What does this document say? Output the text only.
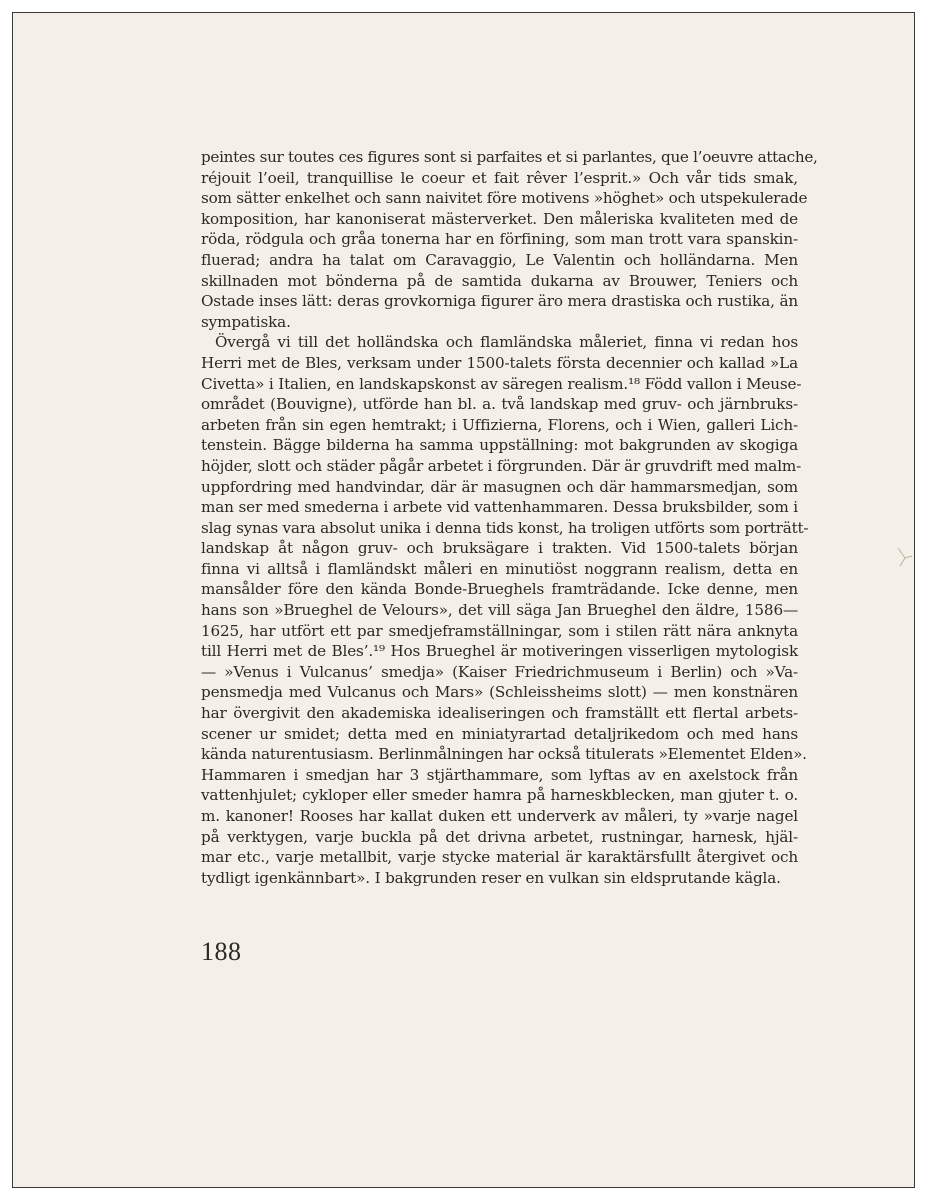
peintes sur toutes ces figures sont si parfaites et si parlantes, que l’oeuvre attache,
réjouit l’oeil, tranquillise le coeur et fait rêver l’esprit.» Och vår tids smak,
som sätter enkelhet och sann naivitet före motivens »höghet» och utspekulerade
komposition, har kanoniserat mästerverket. Den måleriska kvaliteten med de
röda, rödgula och gråa tonerna har en förfining, som man trott vara spanskin-
fluerad; andra ha talat om Caravaggio, Le Valentin och holländarna. Men
skillnaden mot bönderna på de samtida dukarna av Brouwer, Teniers och
Ostade inses lätt: deras grovkorniga figurer äro mera drastiska och rustika, än
sympatiska.
Övergå vi till det holländska och flamländska måleriet, finna vi redan hos
Herri met de Bles, verksam under 1500-talets första decennier och kallad »La
Civetta» i Italien, en landskapskonst av säregen realism.¹⁸ Född vallon i Meuse-
området (Bouvigne), utförde han bl. a. två landskap med gruv- och järnbruks-
arbeten från sin egen hemtrakt; i Uffizierna, Florens, och i Wien, galleri Lich-
tenstein. Bägge bilderna ha samma uppställning: mot bakgrunden av skogiga
höjder, slott och städer pågår arbetet i förgrunden. Där är gruvdrift med malm-
uppfordring med handvindar, där är masugnen och där hammarsmedjan, som
man ser med smederna i arbete vid vattenhammaren. Dessa bruksbilder, som i
slag synas vara absolut unika i denna tids konst, ha troligen utförts som porträtt-
landskap åt någon gruv- och bruksägare i trakten. Vid 1500-talets början
finna vi alltså i flamländskt måleri en minutiöst noggrann realism, detta en
mansålder före den kända Bonde-Brueghels framträdande. Icke denne, men
hans son »Brueghel de Velours», det vill säga Jan Brueghel den äldre, 1586—
1625, har utfört ett par smedjeframställningar, som i stilen rätt nära anknyta
till Herri met de Bles’.¹⁹ Hos Brueghel är motiveringen visserligen mytologisk
— »Venus i Vulcanus’ smedja» (Kaiser Friedrichmuseum i Berlin) och »Va-
pensmedja med Vulcanus och Mars» (Schleissheims slott) — men konstnären
har övergivit den akademiska idealiseringen och framställt ett flertal arbets-
scener ur smidet; detta med en miniatyrartad detaljrikedom och med hans
kända naturentusiasm. Berlinmålningen har också titulerats »Elementet Elden».
Hammaren i smedjan har 3 stjärthammare, som lyftas av en axelstock från
vattenhjulet; cykloper eller smeder hamra på harneskblecken, man gjuter t. o.
m. kanoner! Rooses har kallat duken ett underverk av måleri, ty »varje nagel
på verktygen, varje buckla på det drivna arbetet, rustningar, harnesk, hjäl-
mar etc., varje metallbit, varje stycke material är karaktärsfullt återgivet och
tydligt igenkännbart». I bakgrunden reser en vulkan sin eldsprutande kägla.
188
